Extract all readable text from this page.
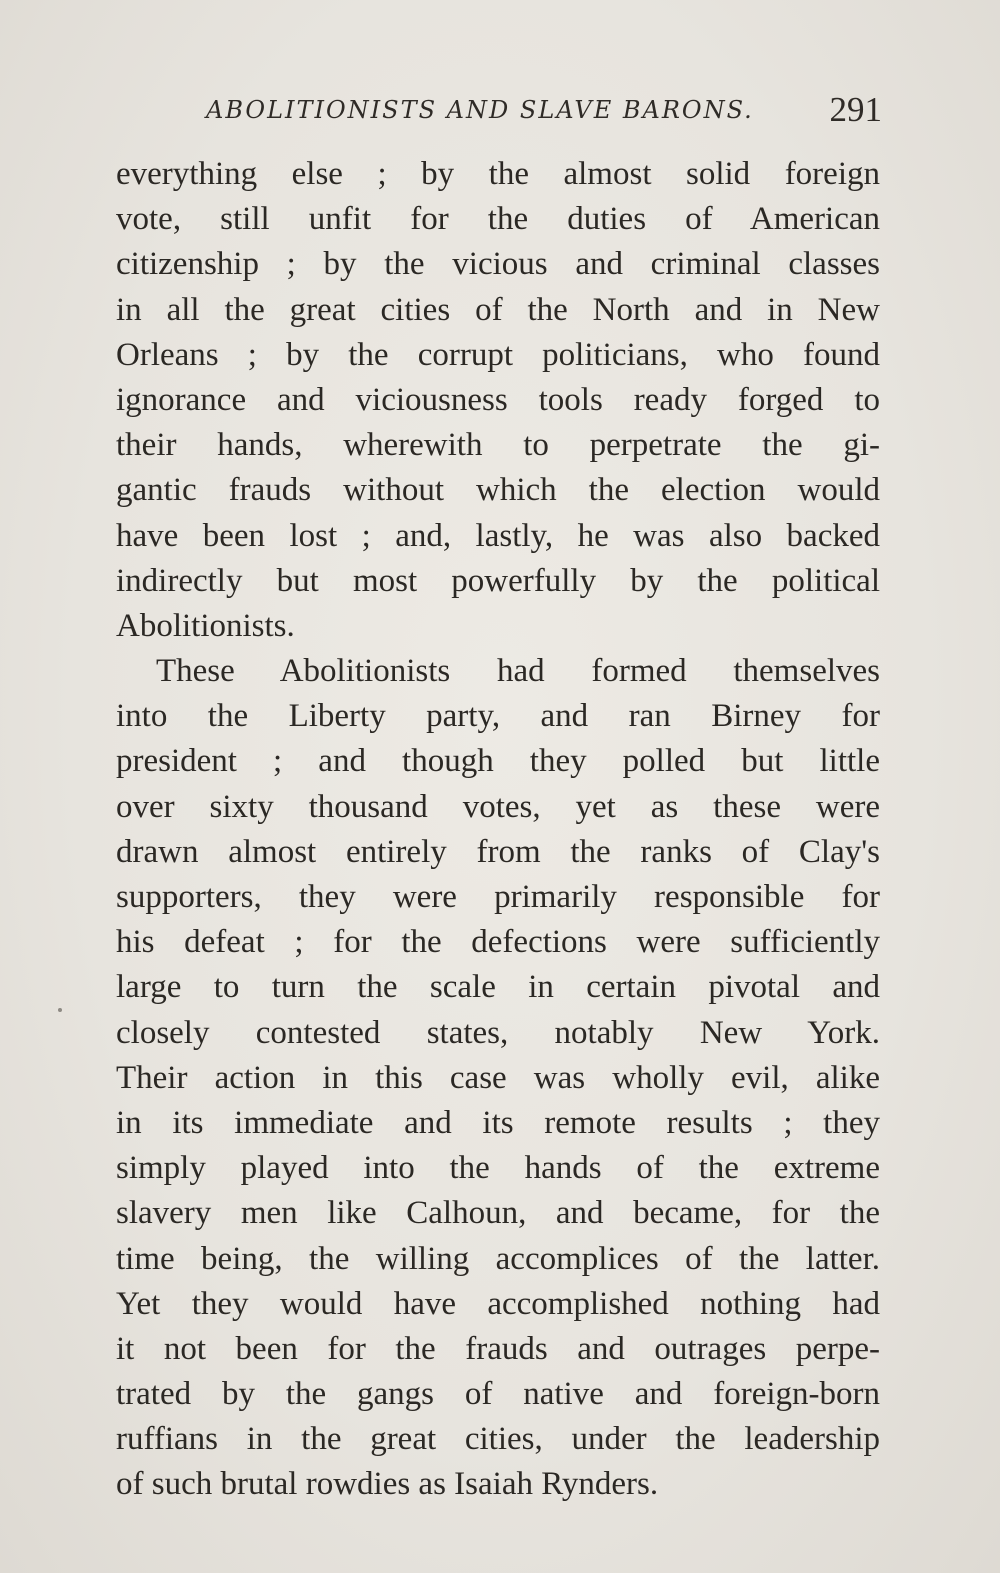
ABOLITIONISTS AND SLAVE BARONS. 291
everything else ; by the almost solid foreign
vote, still unfit for the duties of American
citizenship ; by the vicious and criminal classes
in all the great cities of the North and in New
Orleans ; by the corrupt politicians, who found
ignorance and viciousness tools ready forged to
their hands, wherewith to perpetrate the gi-
gantic frauds without which the election would
have been lost ; and, lastly, he was also backed
indirectly but most powerfully by the political
Abolitionists.
These Abolitionists had formed themselves
into the Liberty party, and ran Birney for
president ; and though they polled but little
over sixty thousand votes, yet as these were
drawn almost entirely from the ranks of Clay's
supporters, they were primarily responsible for
his defeat ; for the defections were sufficiently
large to turn the scale in certain pivotal and
closely contested states, notably New York.
Their action in this case was wholly evil, alike
in its immediate and its remote results ; they
simply played into the hands of the extreme
slavery men like Calhoun, and became, for the
time being, the willing accomplices of the latter.
Yet they would have accomplished nothing had
it not been for the frauds and outrages perpe-
trated by the gangs of native and foreign-born
ruffians in the great cities, under the leadership
of such brutal rowdies as Isaiah Rynders.
